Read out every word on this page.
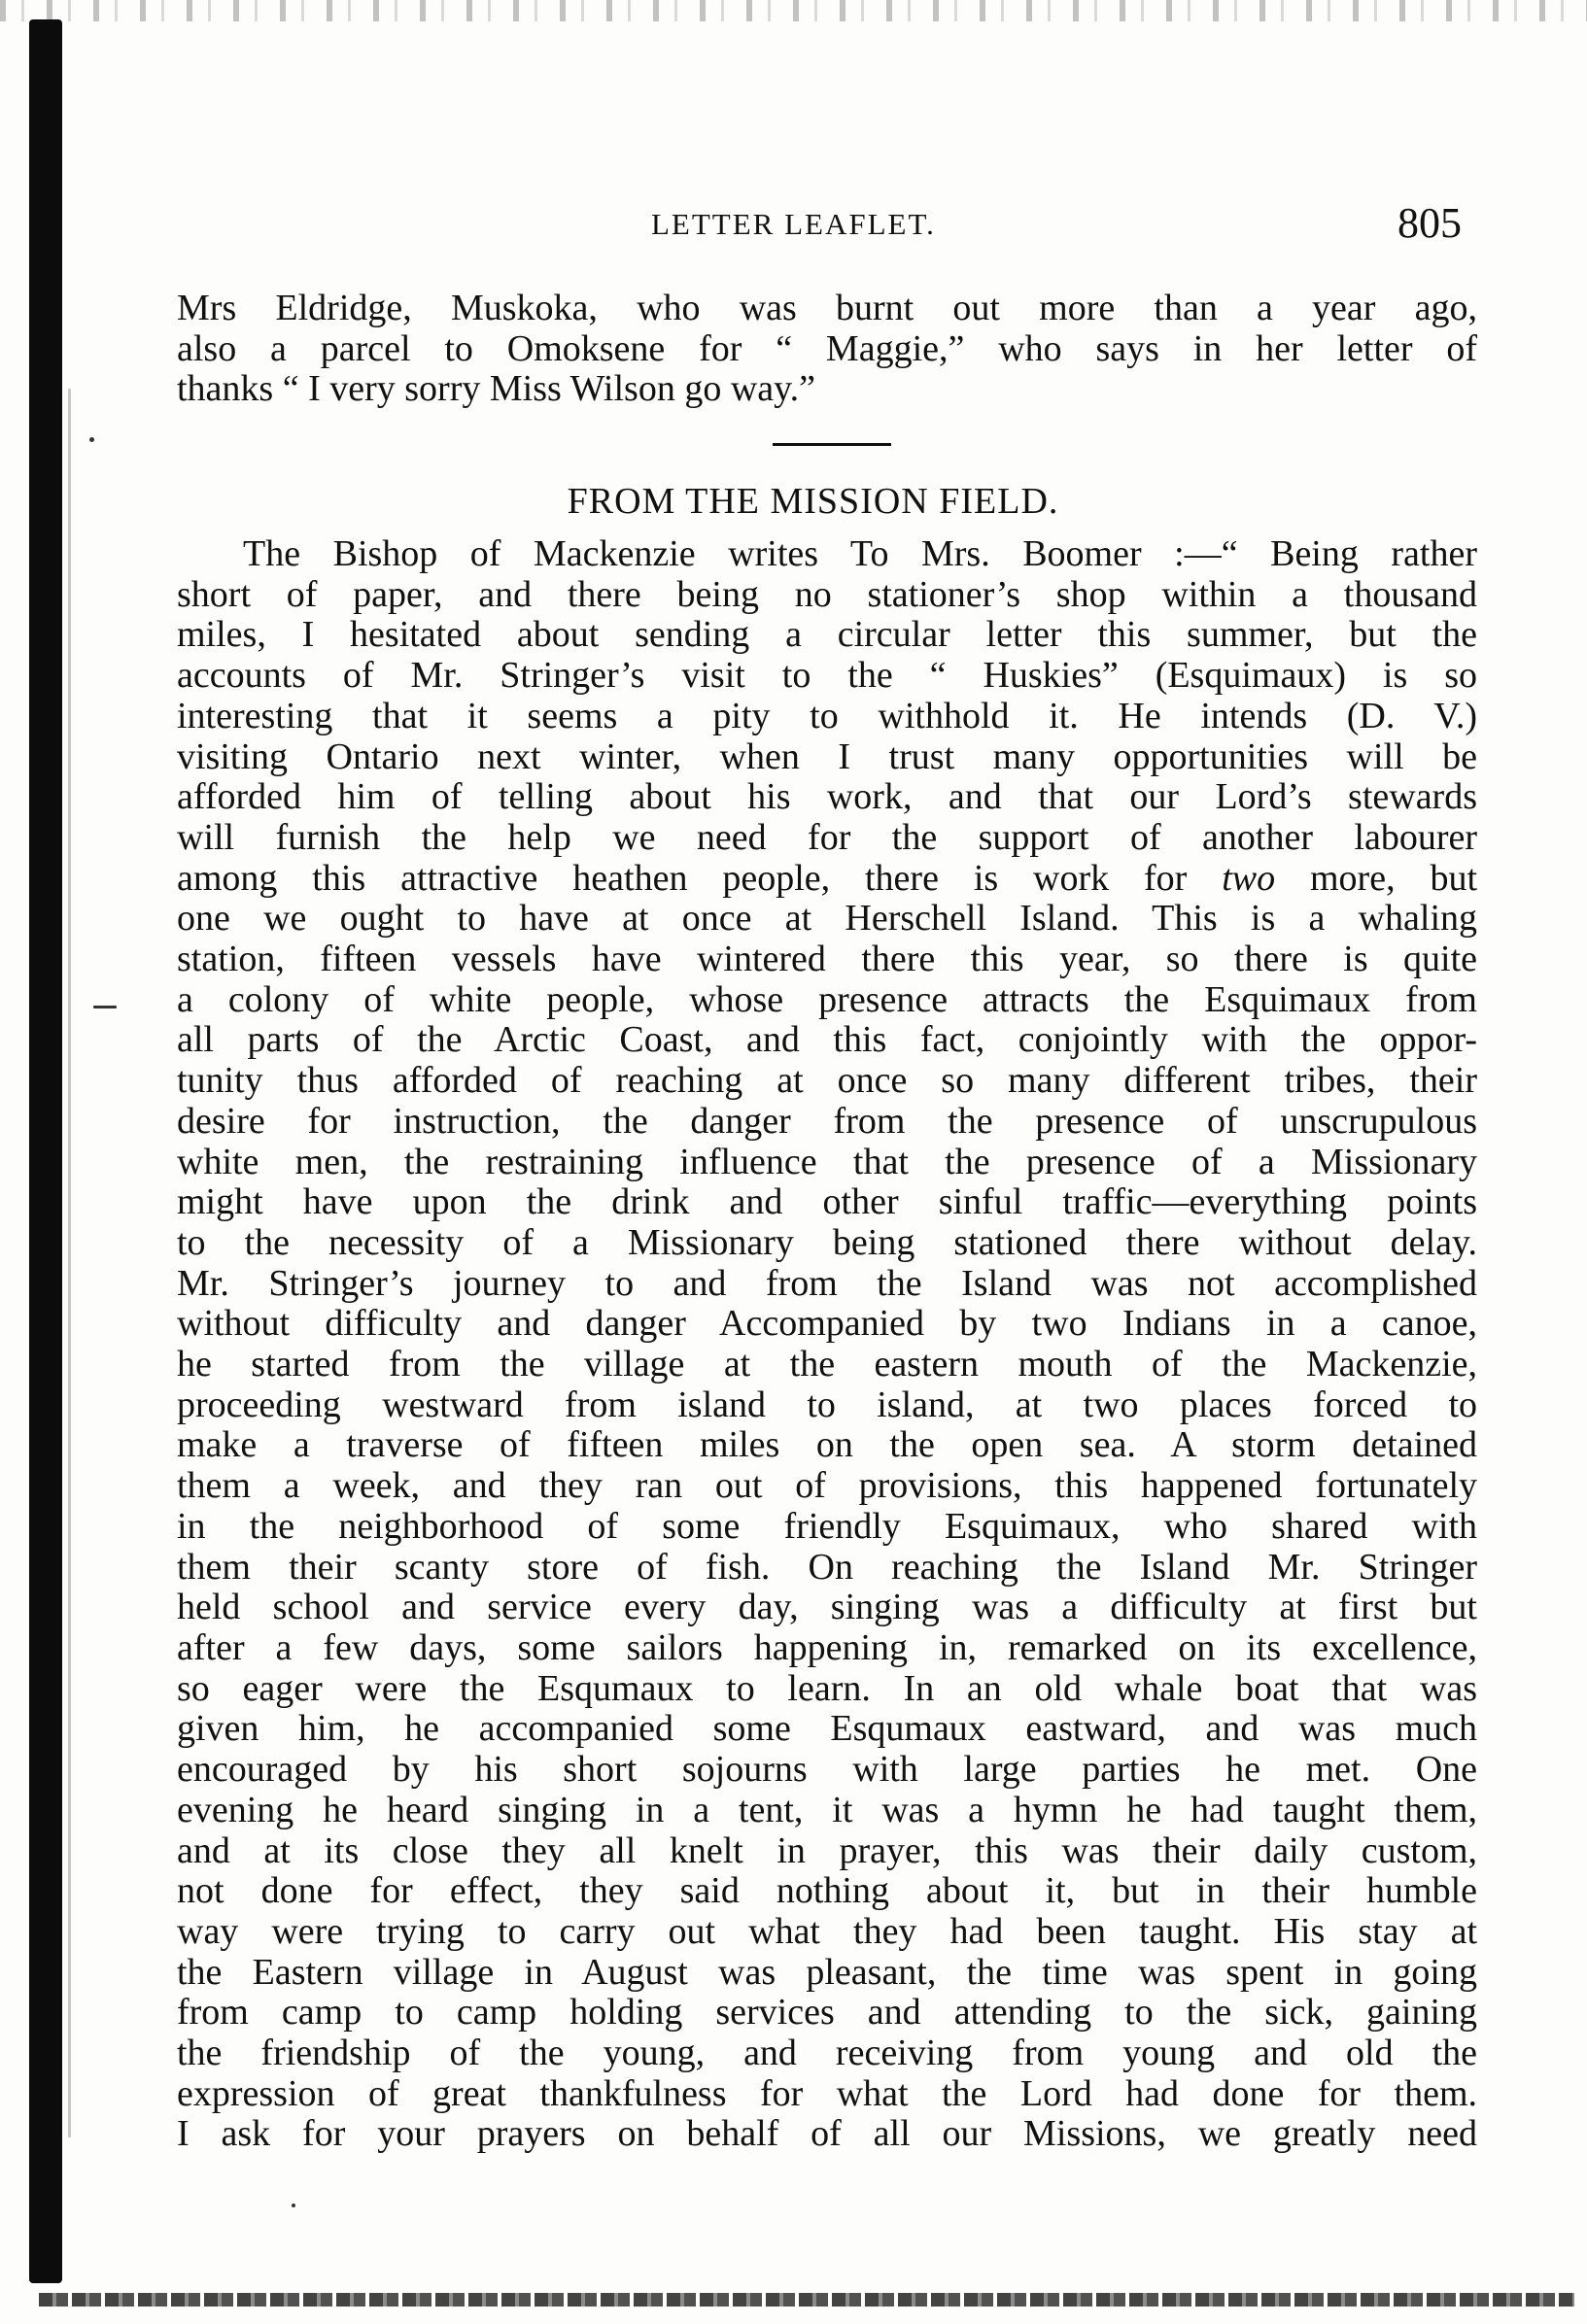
LETTER LEAFLET.	805
Mrs Eldridge, Muskoka, who was burnt out more than a year ago,
also a parcel to Omoksene for “ Maggie,” who says in her letter of
thanks “ I very sorry Miss Wilson go way.”
FROM THE MISSION FIELD.
The Bishop of Mackenzie writes To Mrs. Boomer :—“ Being rather
short of paper, and there being no stationer’s shop within a thousand
miles, I hesitated about sending a circular letter this summer, but the
accounts of Mr. Stringer’s visit to the “ Huskies” (Esquimaux) is so
interesting that it seems a pity to withhold it. He intends (D. V.)
visiting Ontario next winter, when I trust many opportunities will be
afforded him of telling about his work, and that our Lord’s stewards
will furnish the help we need for the support of another labourer
among this attractive heathen people, there is work for two more, but
one we ought to have at once at Herschell Island. This is a whaling
station, fifteen vessels have wintered there this year, so there is quite
a colony of white people, whose presence attracts the Esquimaux from
all parts of the Arctic Coast, and this fact, conjointly with the oppor-
tunity thus afforded of reaching at once so many different tribes, their
desire for instruction, the danger from the presence of unscrupulous
white men, the restraining influence that the presence of a Missionary
might have upon the drink and other sinful traffic—everything points
to the necessity of a Missionary being stationed there without delay.
Mr. Stringer’s journey to and from the Island was not accomplished
without difficulty and danger Accompanied by two Indians in a canoe,
he started from the village at the eastern mouth of the Mackenzie,
proceeding westward from island to island, at two places forced to
make a traverse of fifteen miles on the open sea. A storm detained
them a week, and they ran out of provisions, this happened fortunately
in the neighborhood of some friendly Esquimaux, who shared with
them their scanty store of fish. On reaching the Island Mr. Stringer
held school and service every day, singing was a difficulty at first but
after a few days, some sailors happening in, remarked on its excellence,
so eager were the Esqumaux to learn. In an old whale boat that was
given him, he accompanied some Esqumaux eastward, and was much
encouraged by his short sojourns with large parties he met. One
evening he heard singing in a tent, it was a hymn he had taught them,
and at its close they all knelt in prayer, this was their daily custom,
not done for effect, they said nothing about it, but in their humble
way were trying to carry out what they had been taught. His stay at
the Eastern village in August was pleasant, the time was spent in going
from camp to camp holding services and attending to the sick, gaining
the friendship of the young, and receiving from young and old the
expression of great thankfulness for what the Lord had done for them.
I ask for your prayers on behalf of all our Missions, we greatly need
